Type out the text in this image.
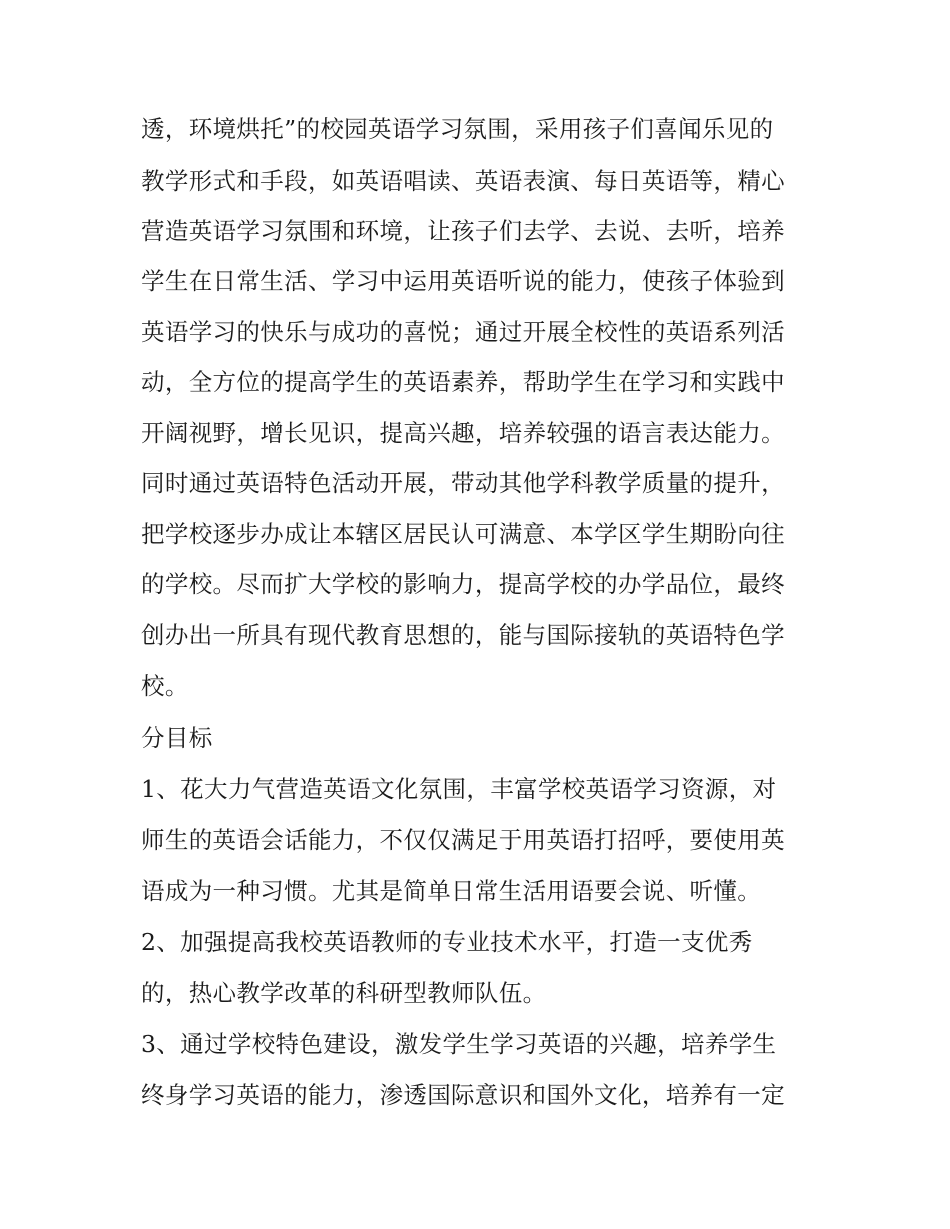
透，环境烘托”的校园英语学习氛围，采用孩子们喜闻乐见的
教学形式和手段，如英语唱读、英语表演、每日英语等，精心
营造英语学习氛围和环境，让孩子们去学、去说、去听，培养
学生在日常生活、学习中运用英语听说的能力，使孩子体验到
英语学习的快乐与成功的喜悦；通过开展全校性的英语系列活
动，全方位的提高学生的英语素养，帮助学生在学习和实践中
开阔视野，增长见识，提高兴趣，培养较强的语言表达能力。
同时通过英语特色活动开展，带动其他学科教学质量的提升，
把学校逐步办成让本辖区居民认可满意、本学区学生期盼向往
的学校。尽而扩大学校的影响力，提高学校的办学品位，最终
创办出一所具有现代教育思想的，能与国际接轨的英语特色学
校。
分目标
1、花大力气营造英语文化氛围，丰富学校英语学习资源，对
师生的英语会话能力，不仅仅满足于用英语打招呼，要使用英
语成为一种习惯。尤其是简单日常生活用语要会说、听懂。
2、加强提高我校英语教师的专业技术水平，打造一支优秀
的，热心教学改革的科研型教师队伍。
3、通过学校特色建设，激发学生学习英语的兴趣，培养学生
终身学习英语的能力，渗透国际意识和国外文化，培养有一定
